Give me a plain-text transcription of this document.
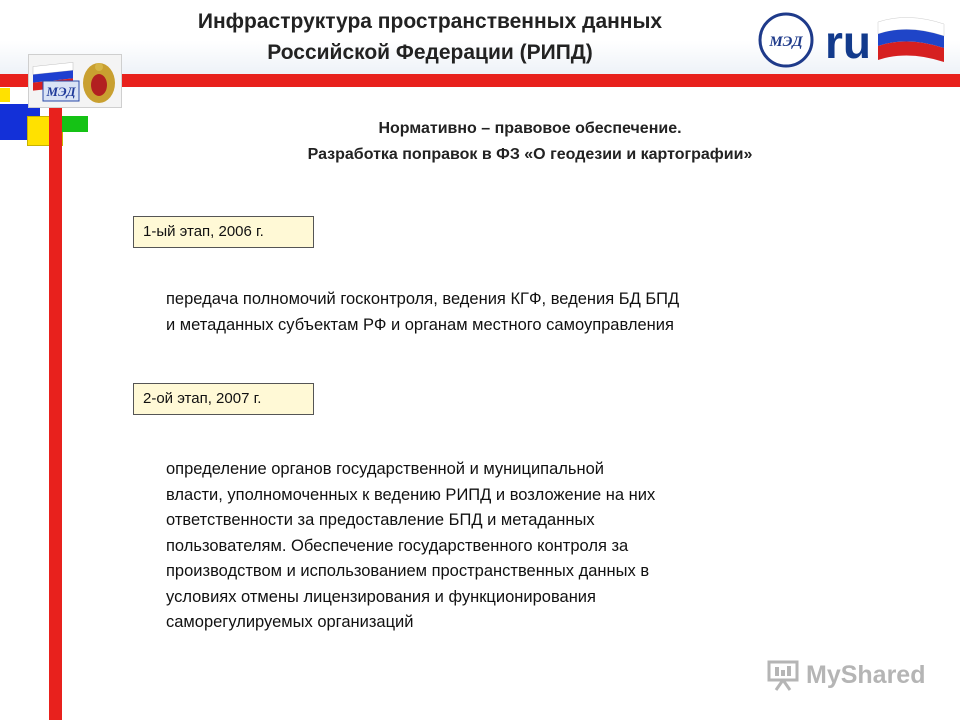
Инфраструктура пространственных данных
Российской Федерации (РИПД)
МЭД
МЭД ru
Нормативно – правовое обеспечение.
Разработка поправок в ФЗ «О геодезии и картографии»
1-ый этап, 2006 г.
передача полномочий госконтроля, ведения КГФ, ведения БД БПД
и метаданных субъектам РФ и органам местного самоуправления
2-ой этап, 2007 г.
определение органов государственной и муниципальной
власти, уполномоченных к ведению РИПД и возложение на них
ответственности за предоставление БПД и метаданных
пользователям. Обеспечение государственного контроля за
производством и использованием пространственных данных в
условиях отмены лицензирования и функционирования
саморегулируемых организаций
MyShared
